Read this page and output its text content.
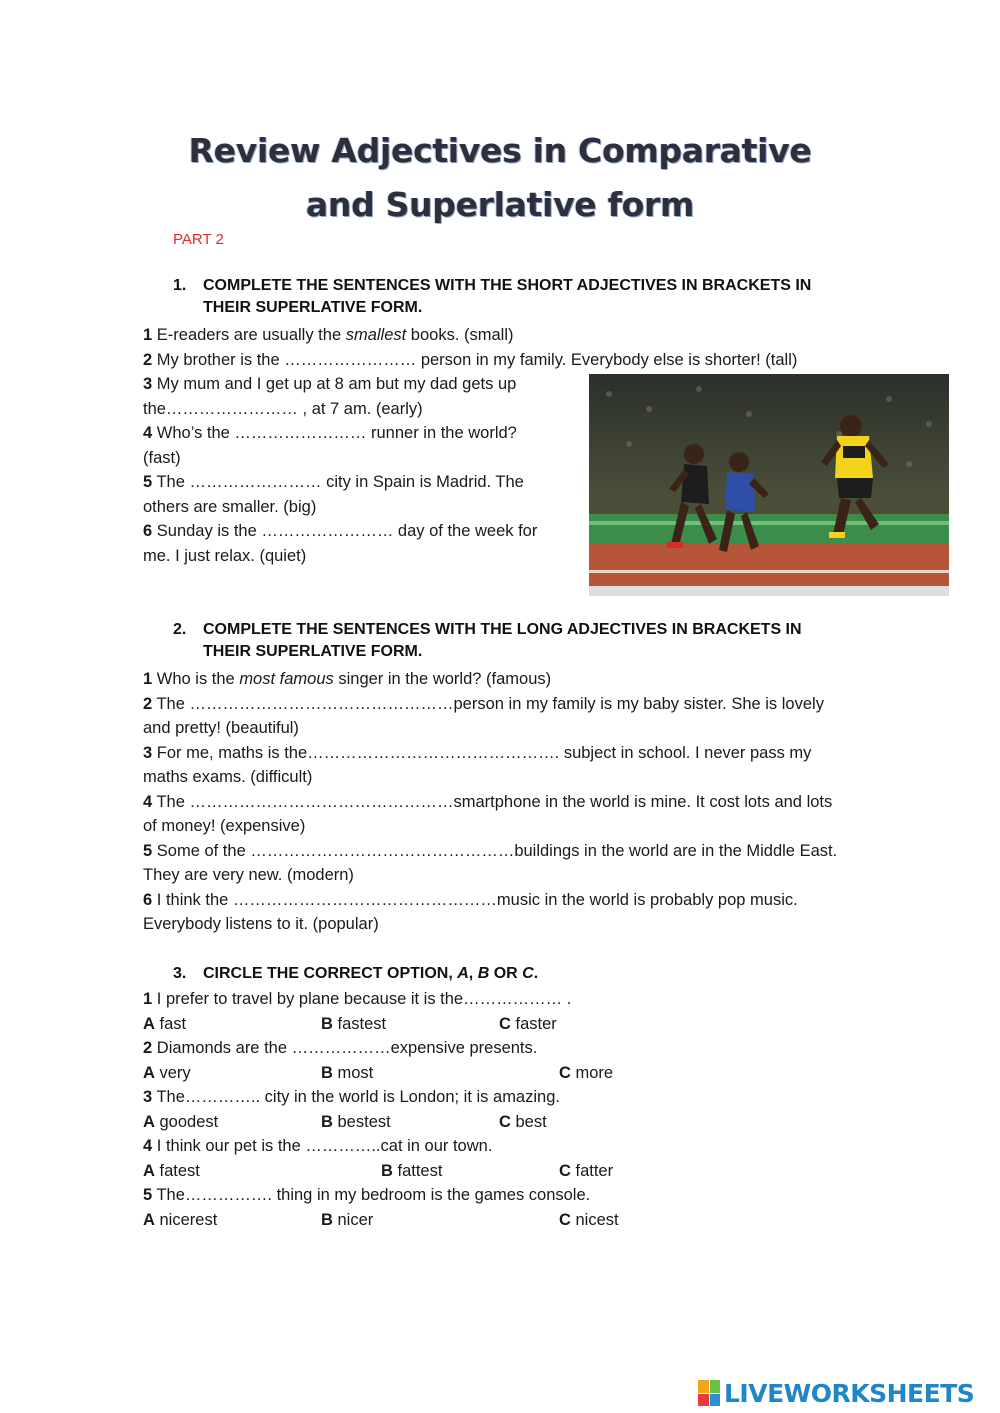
Review Adjectives in Comparative
and Superlative form
PART 2
1. COMPLETE THE SENTENCES WITH THE SHORT ADJECTIVES IN BRACKETS IN
THEIR SUPERLATIVE FORM.
1 E-readers are usually the smallest books. (small)
2 My brother is the …………………… person in my family. Everybody else is shorter! (tall)
3 My mum and I get up at 8 am but my dad gets up
the…………………… , at 7 am. (early)
4 Who’s the …………………… runner in the world?
(fast)
5 The …………………… city in Spain is Madrid. The
others are smaller. (big)
6 Sunday is the …………………… day of the week for
me. I just relax. (quiet)
2. COMPLETE THE SENTENCES WITH THE LONG ADJECTIVES IN BRACKETS IN
THEIR SUPERLATIVE FORM.
1 Who is the most famous singer in the world? (famous)
2 The …………………………………………person in my family is my baby sister. She is lovely
and pretty! (beautiful)
3 For me, maths is the………………………………………. subject in school. I never pass my
maths exams. (difficult)
4 The …………………………………………smartphone in the world is mine. It cost lots and lots
of money! (expensive)
5 Some of the …………………………………………buildings in the world are in the Middle East.
They are very new. (modern)
6 I think the …………………………………………music in the world is probably pop music.
Everybody listens to it. (popular)
3. CIRCLE THE CORRECT OPTION, A, B OR C.
1 I prefer to travel by plane because it is the……………… .
A fast	B fastest	C faster
2 Diamonds are the ………………expensive presents.
A very	B most	C more
3 The………….. city in the world is London; it is amazing.
A goodest	B bestest	C best
4 I think our pet is the …………..cat in our town.
A fatest	B fattest	C fatter
5 The……………. thing in my bedroom is the games console.
A nicerest	B nicer	C nicest
LIVEWORKSHEETS
